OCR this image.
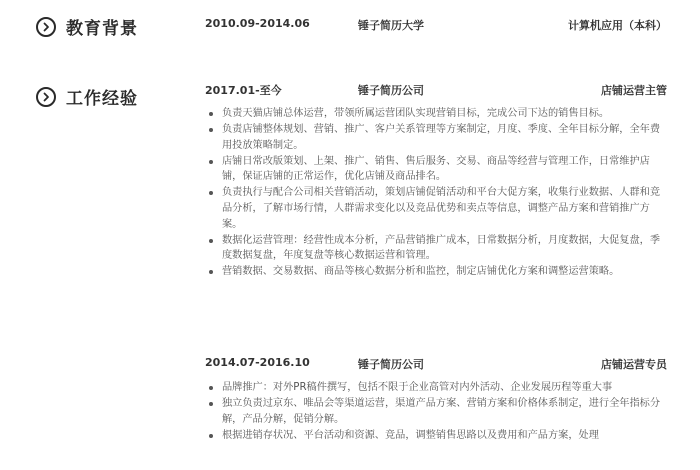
教育背景	2010.09-2014.06	锤子简历大学	计算机应用（本科）
工作经验	2017.01-至今	锤子简历公司	店铺运营主管
负责天猫店铺总体运营，带领所属运营团队实现营销目标，完成公司下达的销售目标。
负责店铺整体规划、营销、推广、客户关系管理等方案制定，月度、季度、全年目标分解，全年费用投放策略制定。
店铺日常改版策划、上架、推广、销售、售后服务、交易、商品等经营与管理工作，日常维护店铺，保证店铺的正常运作，优化店铺及商品排名。
负责执行与配合公司相关营销活动，策划店铺促销活动和平台大促方案，收集行业数据、人群和竞品分析，了解市场行情，人群需求变化以及竞品优势和卖点等信息，调整产品方案和营销推广方案。
数据化运营管理：经营性成本分析，产品营销推广成本，日常数据分析，月度数据，大促复盘，季度数据复盘，年度复盘等核心数据运营和管理。
营销数据、交易数据、商品等核心数据分析和监控，制定店铺优化方案和调整运营策略。
2014.07-2016.10	锤子简历公司	店铺运营专员
品牌推广：对外PR稿件撰写，包括不限于企业高管对内外活动、企业发展历程等重大事
独立负责过京东、唯品会等渠道运营，渠道产品方案、营销方案和价格体系制定，进行全年指标分解，产品分解，促销分解。
根据进销存状况、平台活动和资源、竞品，调整销售思路以及费用和产品方案，处理
